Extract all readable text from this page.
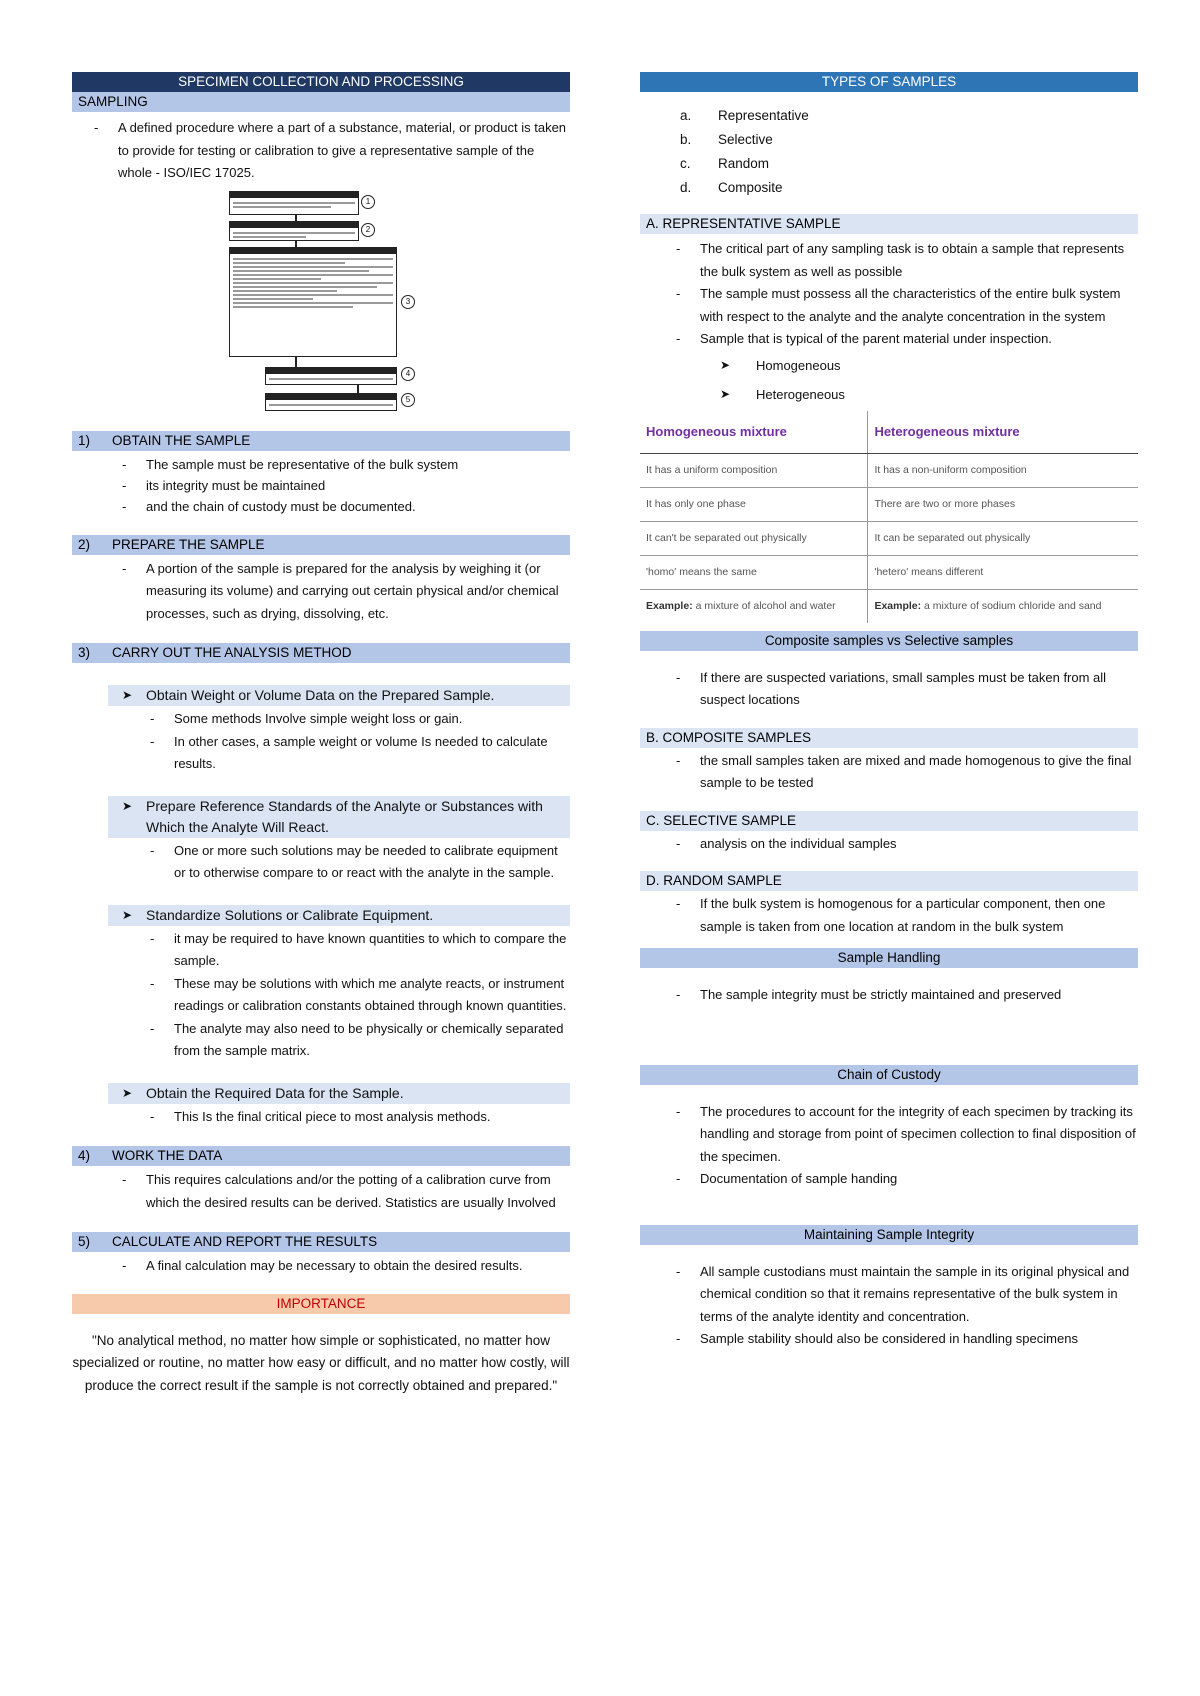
SPECIMEN COLLECTION AND PROCESSING
SAMPLING
- A defined procedure where a part of a substance, material, or product is taken to provide for testing or calibration to give a representative sample of the whole - ISO/IEC 17025.
1
2
3
4
5
1) OBTAIN THE SAMPLE
- The sample must be representative of the bulk system
- its integrity must be maintained
- and the chain of custody must be documented.
2) PREPARE THE SAMPLE
- A portion of the sample is prepared for the analysis by weighing it (or measuring its volume) and carrying out certain physical and/or chemical processes, such as drying, dissolving, etc.
3) CARRY OUT THE ANALYSIS METHOD
➤ Obtain Weight or Volume Data on the Prepared Sample.
- Some methods Involve simple weight loss or gain.
- In other cases, a sample weight or volume Is needed to calculate results.
➤ Prepare Reference Standards of the Analyte or Substances with Which the Analyte Will React.
- One or more such solutions may be needed to calibrate equipment or to otherwise compare to or react with the analyte in the sample.
➤ Standardize Solutions or Calibrate Equipment.
- it may be required to have known quantities to which to compare the sample.
- These may be solutions with which me analyte reacts, or instrument readings or calibration constants obtained through known quantities.
- The analyte may also need to be physically or chemically separated from the sample matrix.
➤ Obtain the Required Data for the Sample.
- This Is the final critical piece to most analysis methods.
4) WORK THE DATA
- This requires calculations and/or the potting of a calibration curve from which the desired results can be derived. Statistics are usually Involved
5) CALCULATE AND REPORT THE RESULTS
- A final calculation may be necessary to obtain the desired results.
IMPORTANCE
"No analytical method, no matter how simple or sophisticated, no matter how specialized or routine, no matter how easy or difficult, and no matter how costly, will produce the correct result if the sample is not correctly obtained and prepared."
TYPES OF SAMPLES
a.	Representative
b.	Selective
c.	Random
d.	Composite
A. REPRESENTATIVE SAMPLE
- The critical part of any sampling task is to obtain a sample that represents the bulk system as well as possible
- The sample must possess all the characteristics of the entire bulk system with respect to the analyte and the analyte concentration in the system
- Sample that is typical of the parent material under inspection.
➤	Homogeneous
➤	Heterogeneous
Homogeneous mixture	Heterogeneous mixture
It has a uniform composition	It has a non-uniform composition
It has only one phase	There are two or more phases
It can't be separated out physically	It can be separated out physically
'homo' means the same	'hetero' means different
Example: a mixture of alcohol and water	Example: a mixture of sodium chloride and sand
Composite samples vs Selective samples
- If there are suspected variations, small samples must be taken from all suspect locations
B. COMPOSITE SAMPLES
- the small samples taken are mixed and made homogenous to give the final sample to be tested
C. SELECTIVE SAMPLE
- analysis on the individual samples
D. RANDOM SAMPLE
- If the bulk system is homogenous for a particular component, then one sample is taken from one location at random in the bulk system
Sample Handling
- The sample integrity must be strictly maintained and preserved
Chain of Custody
- The procedures to account for the integrity of each specimen by tracking its handling and storage from point of specimen collection to final disposition of the specimen.
- Documentation of sample handing
Maintaining Sample Integrity
- All sample custodians must maintain the sample in its original physical and chemical condition so that it remains representative of the bulk system in terms of the analyte identity and concentration.
- Sample stability should also be considered in handling specimens
